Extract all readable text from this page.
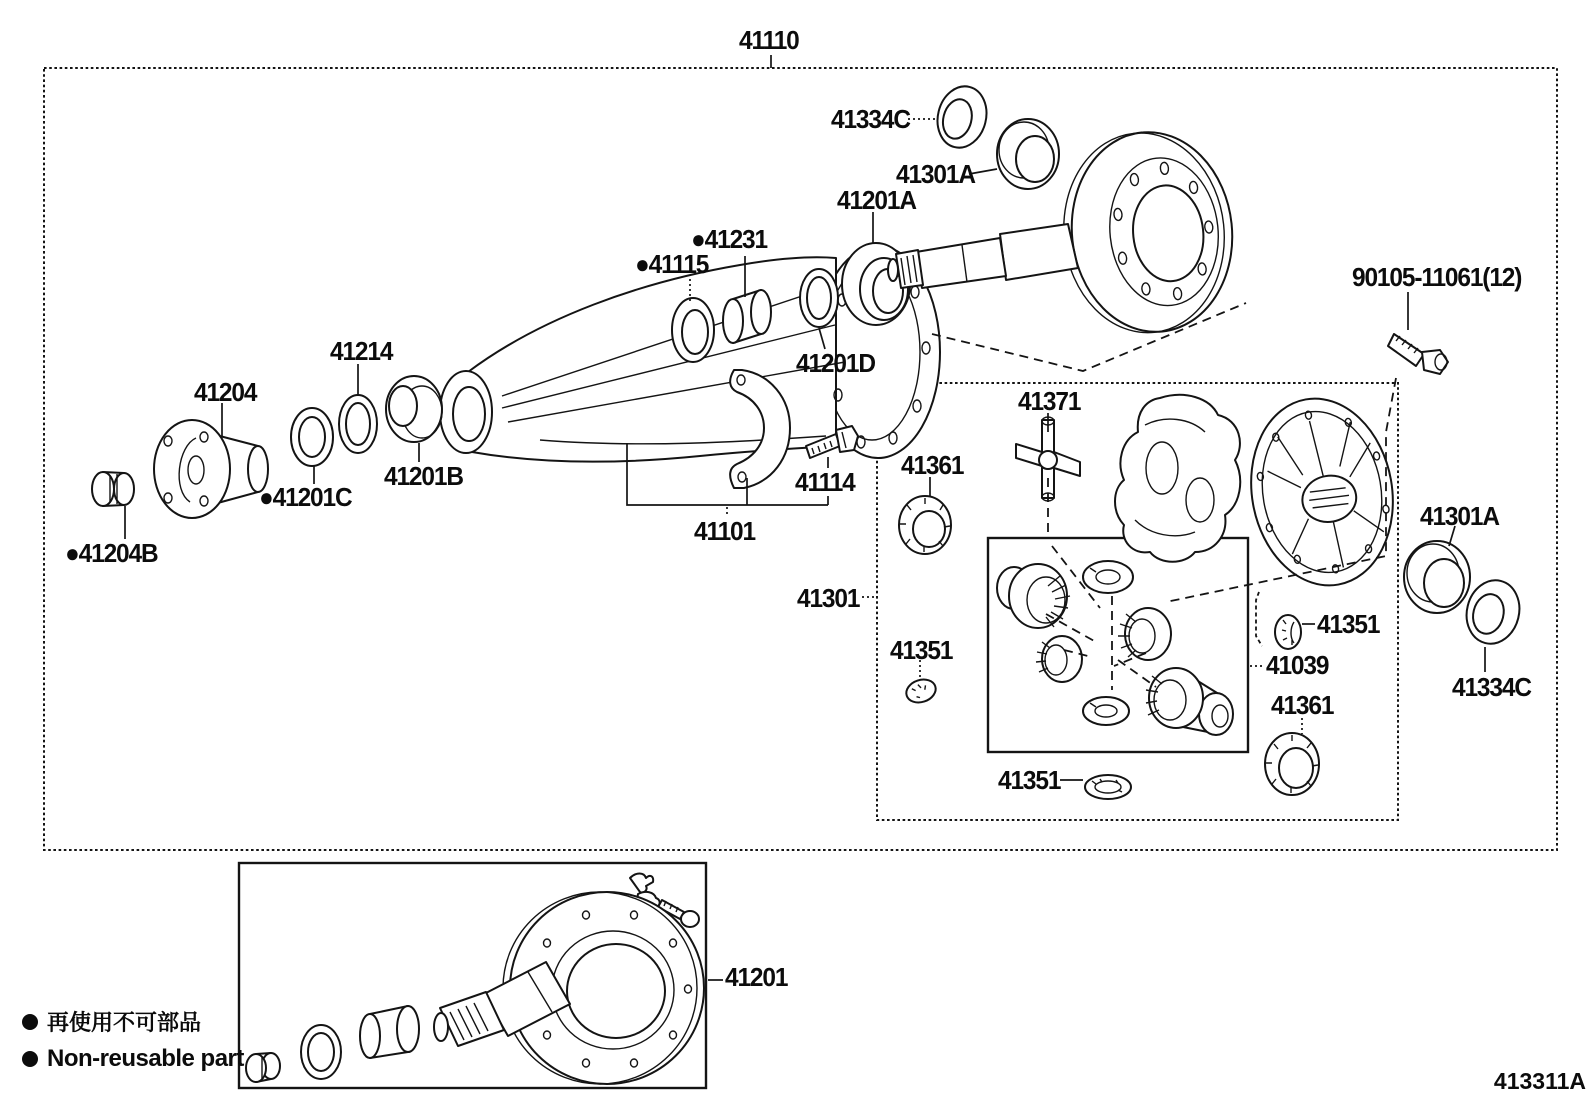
41110
41334C
41301A
41201A
●41231
●41115
41201D
41214
41204
●41201C
●41204B
41201B
41101
41114
90105-11061(12)
41371
41361
41301
41351
41351
41039
41361
41334C
41301A
41351
41201
再使用不可部品
Non-reusable part
413311A
